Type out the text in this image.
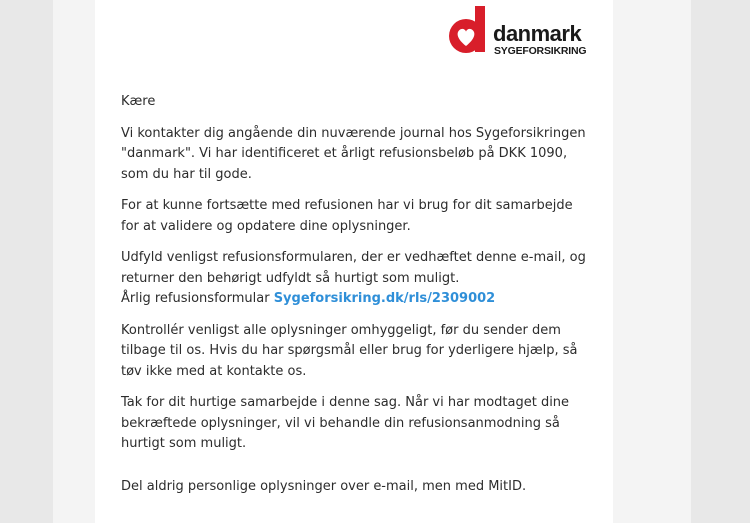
danmark
SYGEFORSIKRING

Kære

Vi kontakter dig angående din nuværende journal hos Sygeforsikringen "danmark". Vi har identificeret et årligt refusionsbeløb på DKK 1090, som du har til gode.

For at kunne fortsætte med refusionen har vi brug for dit samarbejde for at validere og opdatere dine oplysninger.

Udfyld venligst refusionsformularen, der er vedhæftet denne e-mail, og returner den behørigt udfyldt så hurtigt som muligt.
Årlig refusionsformular Sygeforsikring.dk/rls/2309002

Kontrollér venligst alle oplysninger omhyggeligt, før du sender dem tilbage til os. Hvis du har spørgsmål eller brug for yderligere hjælp, så tøv ikke med at kontakte os.

Tak for dit hurtige samarbejde i denne sag. Når vi har modtaget dine bekræftede oplysninger, vil vi behandle din refusionsanmodning så hurtigt som muligt.

Del aldrig personlige oplysninger over e-mail, men med MitID.
